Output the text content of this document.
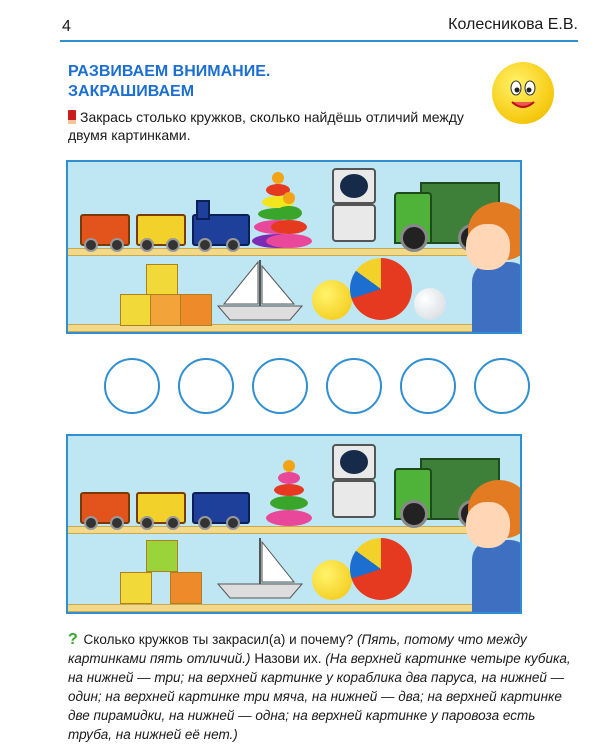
4	Колесникова Е.В.
РАЗВИВАЕМ ВНИМАНИЕ.
ЗАКРАШИВАЕМ
Закрась столько кружков, сколько найдёшь отличий между двумя картинками.
? Сколько кружков ты закрасил(а) и почему? (Пять, потому что между картинками пять отличий.) Назови их. (На верхней картинке четыре кубика, на нижней — три; на верхней картинке у кораблика два паруса, на нижней — один; на верхней картинке три мяча, на нижней — два; на верхней картинке две пирамидки, на нижней — одна; на верхней картинке у паровоза есть труба, на нижней её нет.)
